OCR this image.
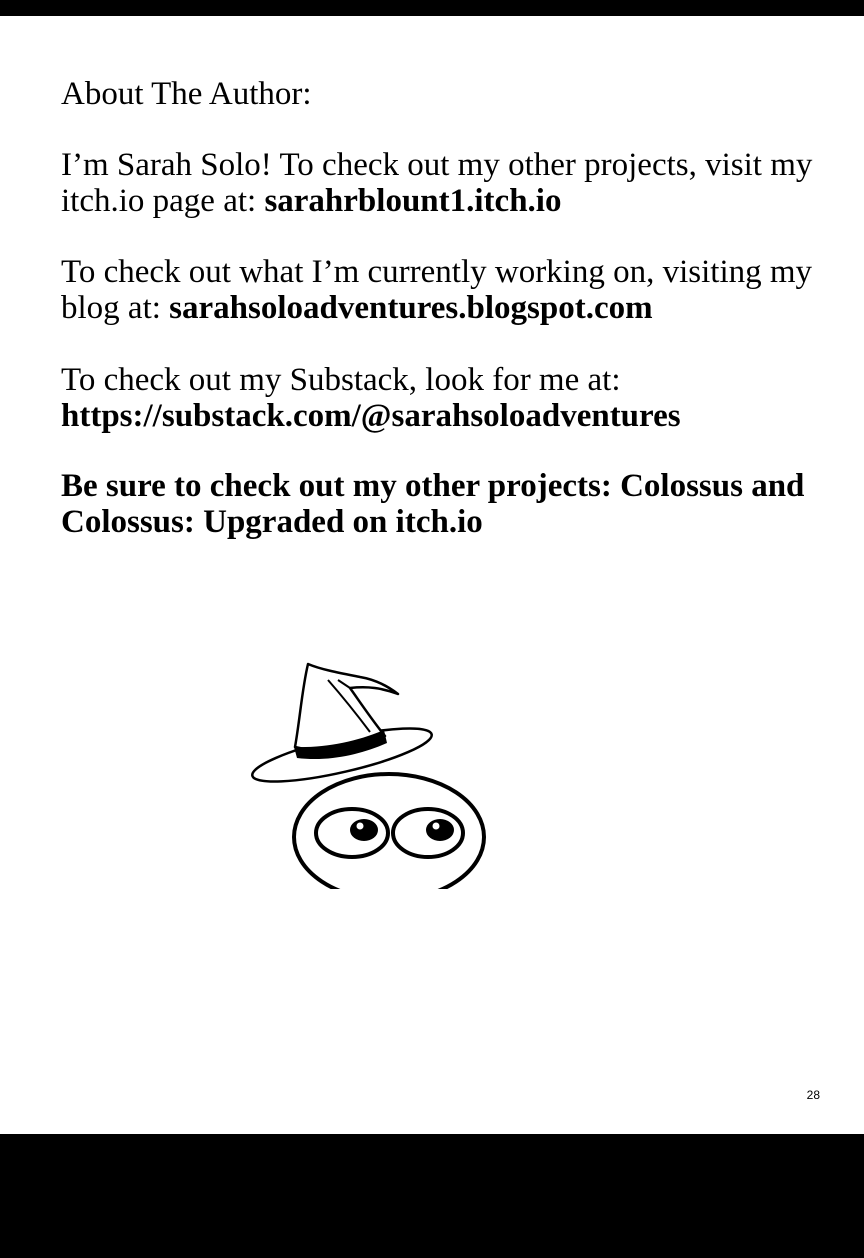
About The Author:

I’m Sarah Solo! To check out my other projects, visit my itch.io page at: sarahrblount1.itch.io

To check out what I’m currently working on, visiting my blog at: sarahsoloadventures.blogspot.com

To check out my Substack, look for me at:
https://substack.com/@sarahsoloadventures

Be sure to check out my other projects: Colossus and Colossus: Upgraded on itch.io

28
